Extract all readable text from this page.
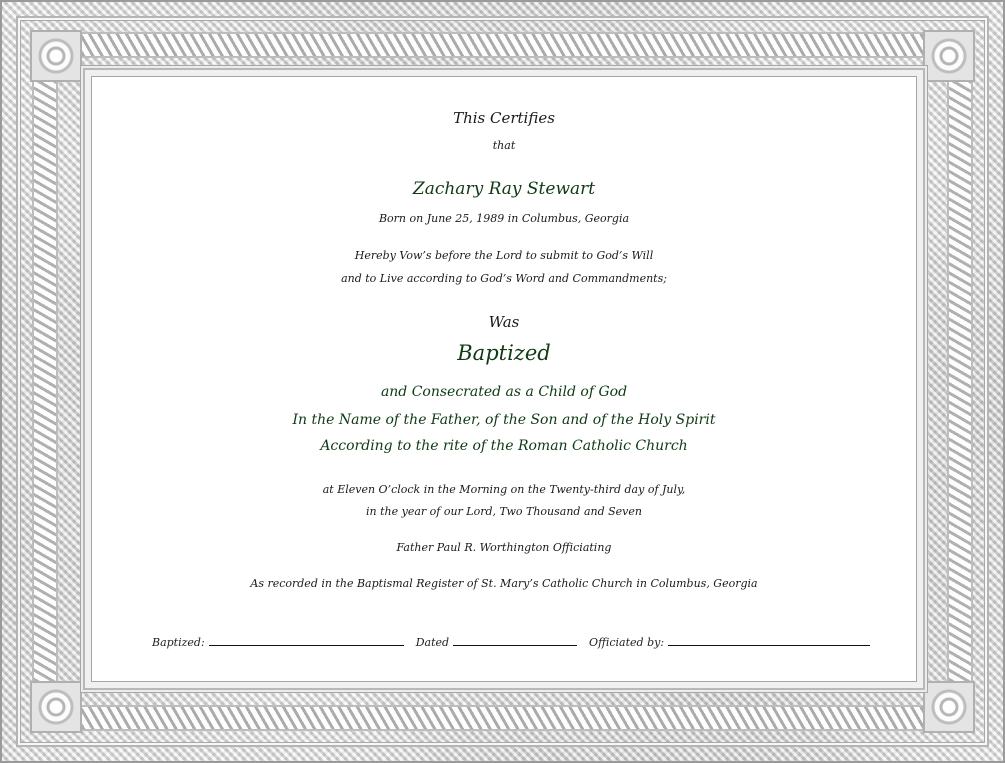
This Certifies

that

Zachary Ray Stewart

Born on June 25, 1989 in Columbus, Georgia

Hereby Vow’s before the Lord to submit to God’s Will

and to Live according to God’s Word and Commandments;

Was

Baptized

and Consecrated as a Child of God

In the Name of the Father, of the Son and of the Holy Spirit

According to the rite of the Roman Catholic Church

at Eleven O’clock in the Morning on the Twenty-third day of July,

in the year of our Lord, Two Thousand and Seven

Father Paul R. Worthington Officiating

As recorded in the Baptismal Register of St. Mary’s Catholic Church in Columbus, Georgia

Baptized:	Dated	Officiated by:
